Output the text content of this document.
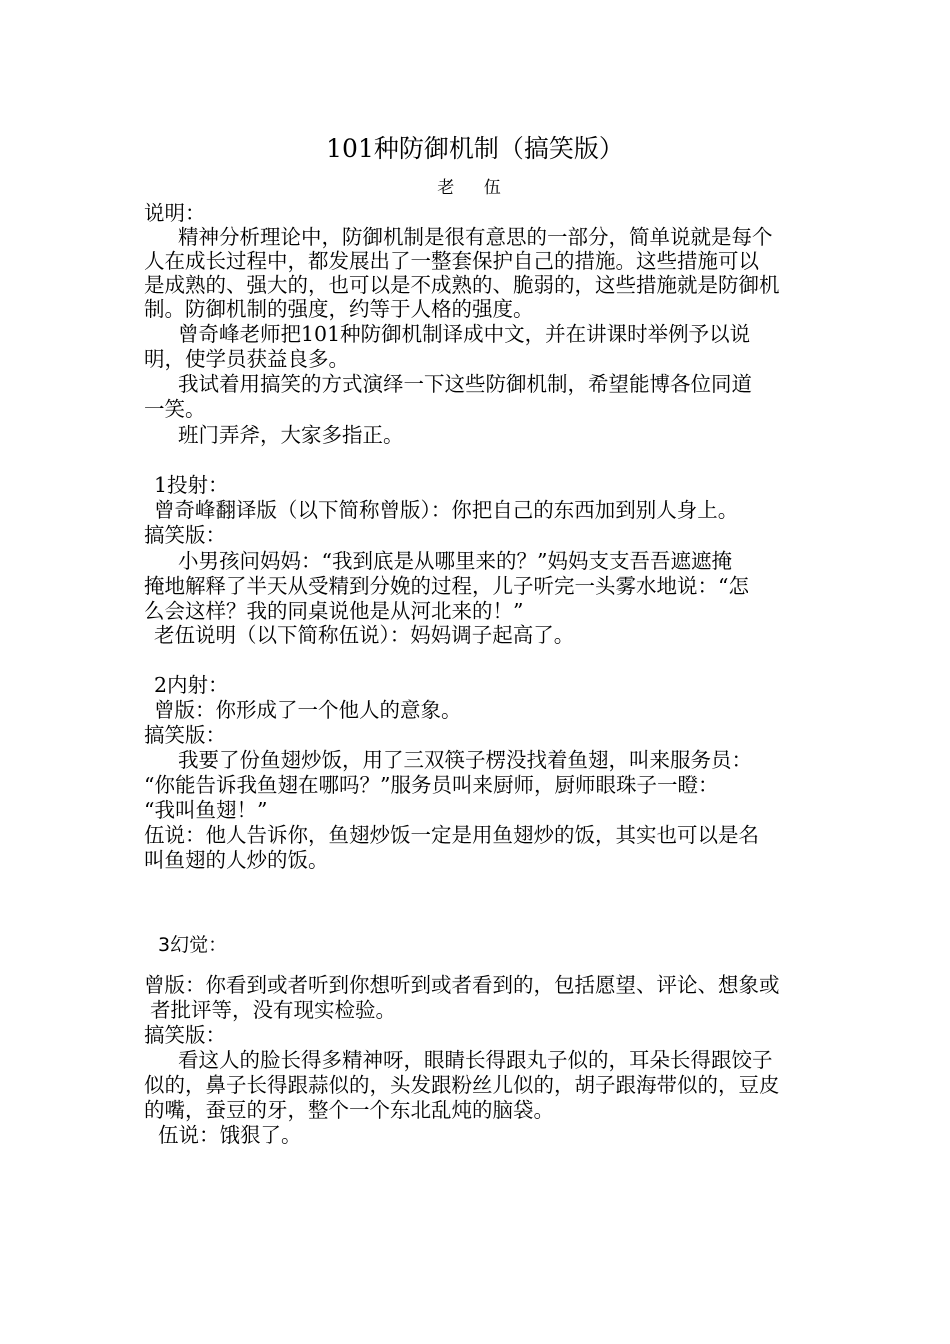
101种防御机制（搞笑版）
老 伍
说明：
精神分析理论中，防御机制是很有意思的一部分，简单说就是每个
人在成长过程中，都发展出了一整套保护自己的措施。这些措施可以
是成熟的、强大的，也可以是不成熟的、脆弱的，这些措施就是防御机
制。防御机制的强度，约等于人格的强度。
曾奇峰老师把101种防御机制译成中文，并在讲课时举例予以说
明，使学员获益良多。
我试着用搞笑的方式演绎一下这些防御机制，希望能博各位同道
一笑。
班门弄斧，大家多指正。
1投射：
曾奇峰翻译版（以下简称曾版）：你把自己的东西加到别人身上。
搞笑版：
小男孩问妈妈：“我到底是从哪里来的？”妈妈支支吾吾遮遮掩
掩地解释了半天从受精到分娩的过程，儿子听完一头雾水地说：“怎
么会这样？我的同桌说他是从河北来的！”
老伍说明（以下简称伍说）：妈妈调子起高了。
2内射：
曾版：你形成了一个他人的意象。
搞笑版：
我要了份鱼翅炒饭，用了三双筷子楞没找着鱼翅，叫来服务员：
“你能告诉我鱼翅在哪吗？”服务员叫来厨师，厨师眼珠子一瞪：
“我叫鱼翅！”
伍说：他人告诉你，鱼翅炒饭一定是用鱼翅炒的饭，其实也可以是名
叫鱼翅的人炒的饭。
3幻觉：
曾版：你看到或者听到你想听到或者看到的，包括愿望、评论、想象或
者批评等，没有现实检验。
搞笑版：
看这人的脸长得多精神呀，眼睛长得跟丸子似的，耳朵长得跟饺子
似的，鼻子长得跟蒜似的，头发跟粉丝儿似的，胡子跟海带似的，豆皮
的嘴，蚕豆的牙，整个一个东北乱炖的脑袋。
伍说：饿狠了。
